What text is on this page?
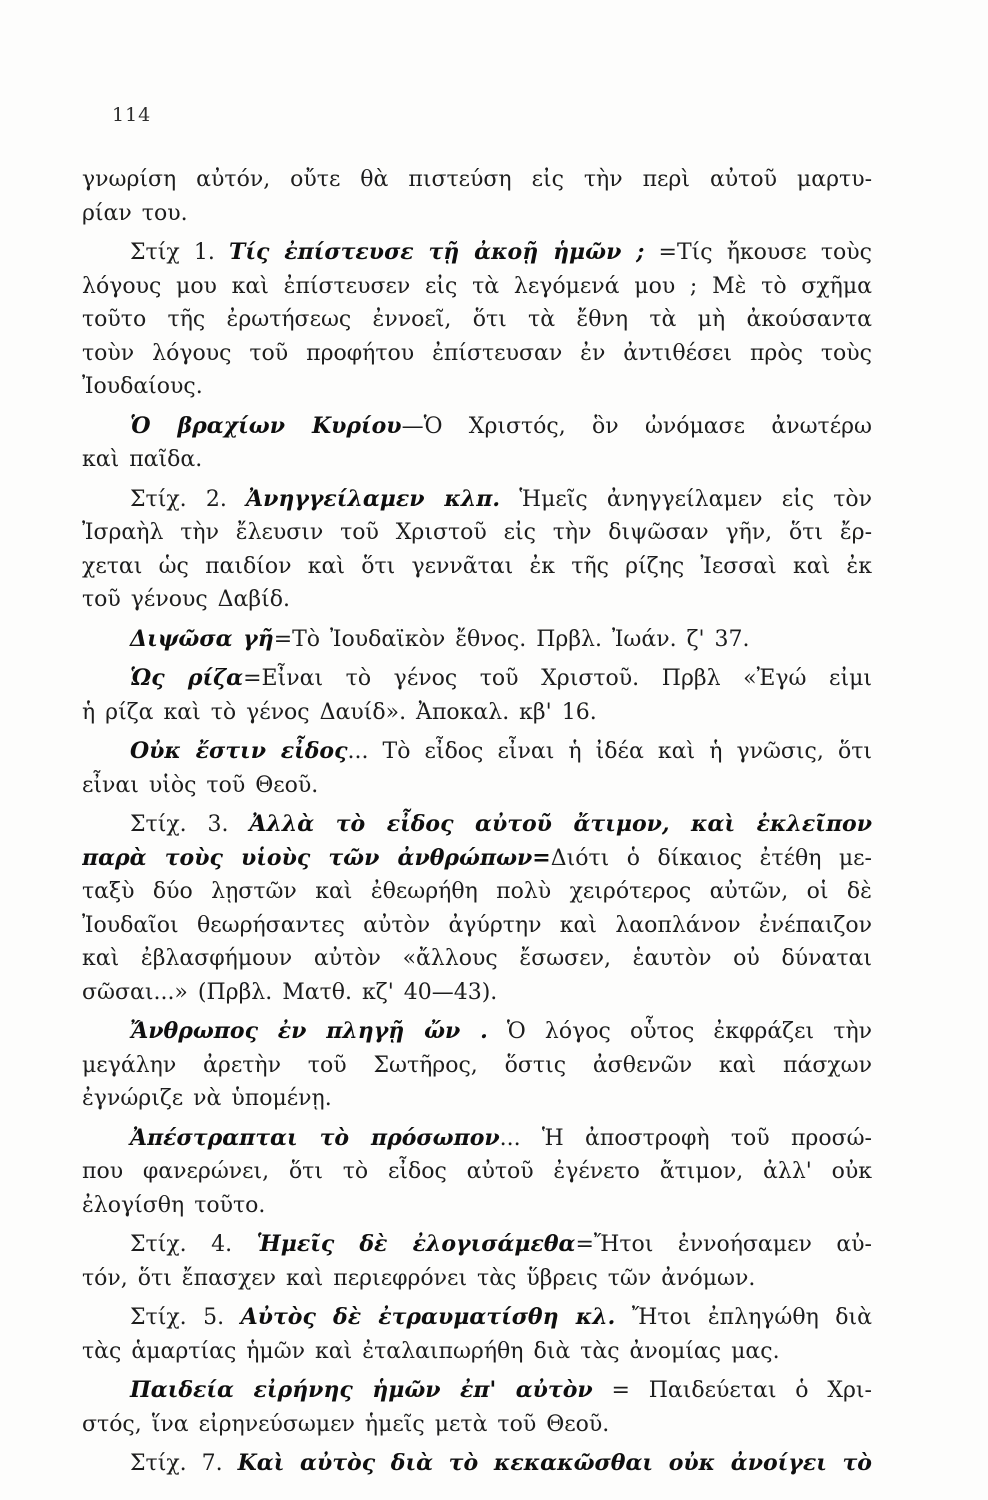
114
γνωρίση αὐτόν, οὔτε θὰ πιστεύση εἰς τὴν περὶ αὐτοῦ μαρτυ-
ρίαν του.
Στίχ 1. Τίς ἐπίστευσε τῇ ἀκοῇ ἡμῶν ; =Τίς ἤκουσε τοὺς
λόγους μου καὶ ἐπίστευσεν εἰς τὰ λεγόμενά μου ; Μὲ τὸ σχῆμα
τοῦτο τῆς ἐρωτήσεως ἐννοεῖ, ὅτι τὰ ἔθνη τὰ μὴ ἀκούσαντα
τοὺν λόγους τοῦ προφήτου ἐπίστευσαν ἐν ἀντιθέσει πρὸς τοὺς
Ἰουδαίους.
Ὁ βραχίων Κυρίου—Ὁ Χριστός, ὃν ὠνόμασε ἀνωτέρω
καὶ παῖδα.
Στίχ. 2. Ἀνηγγείλαμεν κλπ. Ἡμεῖς ἀνηγγείλαμεν εἰς τὸν
Ἰσραὴλ τὴν ἔλευσιν τοῦ Χριστοῦ εἰς τὴν διψῶσαν γῆν, ὅτι ἔρ-
χεται ὡς παιδίον καὶ ὅτι γεννᾶται ἐκ τῆς ρίζης Ἰεσσαὶ καὶ ἐκ
τοῦ γένους Δαβίδ.
Διψῶσα γῆ=Τὸ Ἰουδαϊκὸν ἔθνος. Πρβλ. Ἰωάν. ζ' 37.
Ὡς ρίζα=Εἶναι τὸ γένος τοῦ Χριστοῦ. Πρβλ «Ἐγώ εἰμι
ἡ ρίζα καὶ τὸ γένος Δαυίδ». Ἀποκαλ. κβ' 16.
Οὐκ ἔστιν εἶδος... Τὸ εἶδος εἶναι ἡ ἰδέα καὶ ἡ γνῶσις, ὅτι
εἶναι υἱὸς τοῦ Θεοῦ.
Στίχ. 3. Ἀλλὰ τὸ εἶδος αὐτοῦ ἄτιμον, καὶ ἐκλεῖπον
παρὰ τοὺς υἱοὺς τῶν ἀνθρώπων=Διότι ὁ δίκαιος ἐτέθη με-
ταξὺ δύο λῃστῶν καὶ ἐθεωρήθη πολὺ χειρότερος αὐτῶν, οἱ δὲ
Ἰουδαῖοι θεωρήσαντες αὐτὸν ἀγύρτην καὶ λαοπλάνον ἐνέπαιζον
καὶ ἐβλασφήμουν αὐτὸν «ἄλλους ἔσωσεν, ἑαυτὸν οὐ δύναται
σῶσαι...» (Πρβλ. Ματθ. κζ' 40—43).
Ἄνθρωπος ἐν πληγῇ ὤν . Ὁ λόγος οὗτος ἐκφράζει τὴν
μεγάλην ἀρετὴν τοῦ Σωτῆρος, ὅστις ἀσθενῶν καὶ πάσχων
ἐγνώριζε νὰ ὑπομένῃ.
Ἀπέστραπται τὸ πρόσωπον... Ἡ ἀποστροφὴ τοῦ προσώ-
που φανερώνει, ὅτι τὸ εἶδος αὐτοῦ ἐγένετο ἄτιμον, ἀλλ' οὐκ
ἐλογίσθη τοῦτο.
Στίχ. 4. Ἡμεῖς δὲ ἐλογισάμεθα=Ἤτοι ἐννοήσαμεν αὐ-
τόν, ὅτι ἔπασχεν καὶ περιεφρόνει τὰς ὕβρεις τῶν ἀνόμων.
Στίχ. 5. Αὐτὸς δὲ ἐτραυματίσθη κλ. Ἤτοι ἐπληγώθη διὰ
τὰς ἁμαρτίας ἡμῶν καὶ ἐταλαιπωρήθη διὰ τὰς ἀνομίας μας.
Παιδεία εἰρήνης ἡμῶν ἐπ' αὐτὸν = Παιδεύεται ὁ Χρι-
στός, ἵνα εἰρηνεύσωμεν ἡμεῖς μετὰ τοῦ Θεοῦ.
Στίχ. 7. Καὶ αὐτὸς διὰ τὸ κεκακῶσθαι οὐκ ἀνοίγει τὸ
